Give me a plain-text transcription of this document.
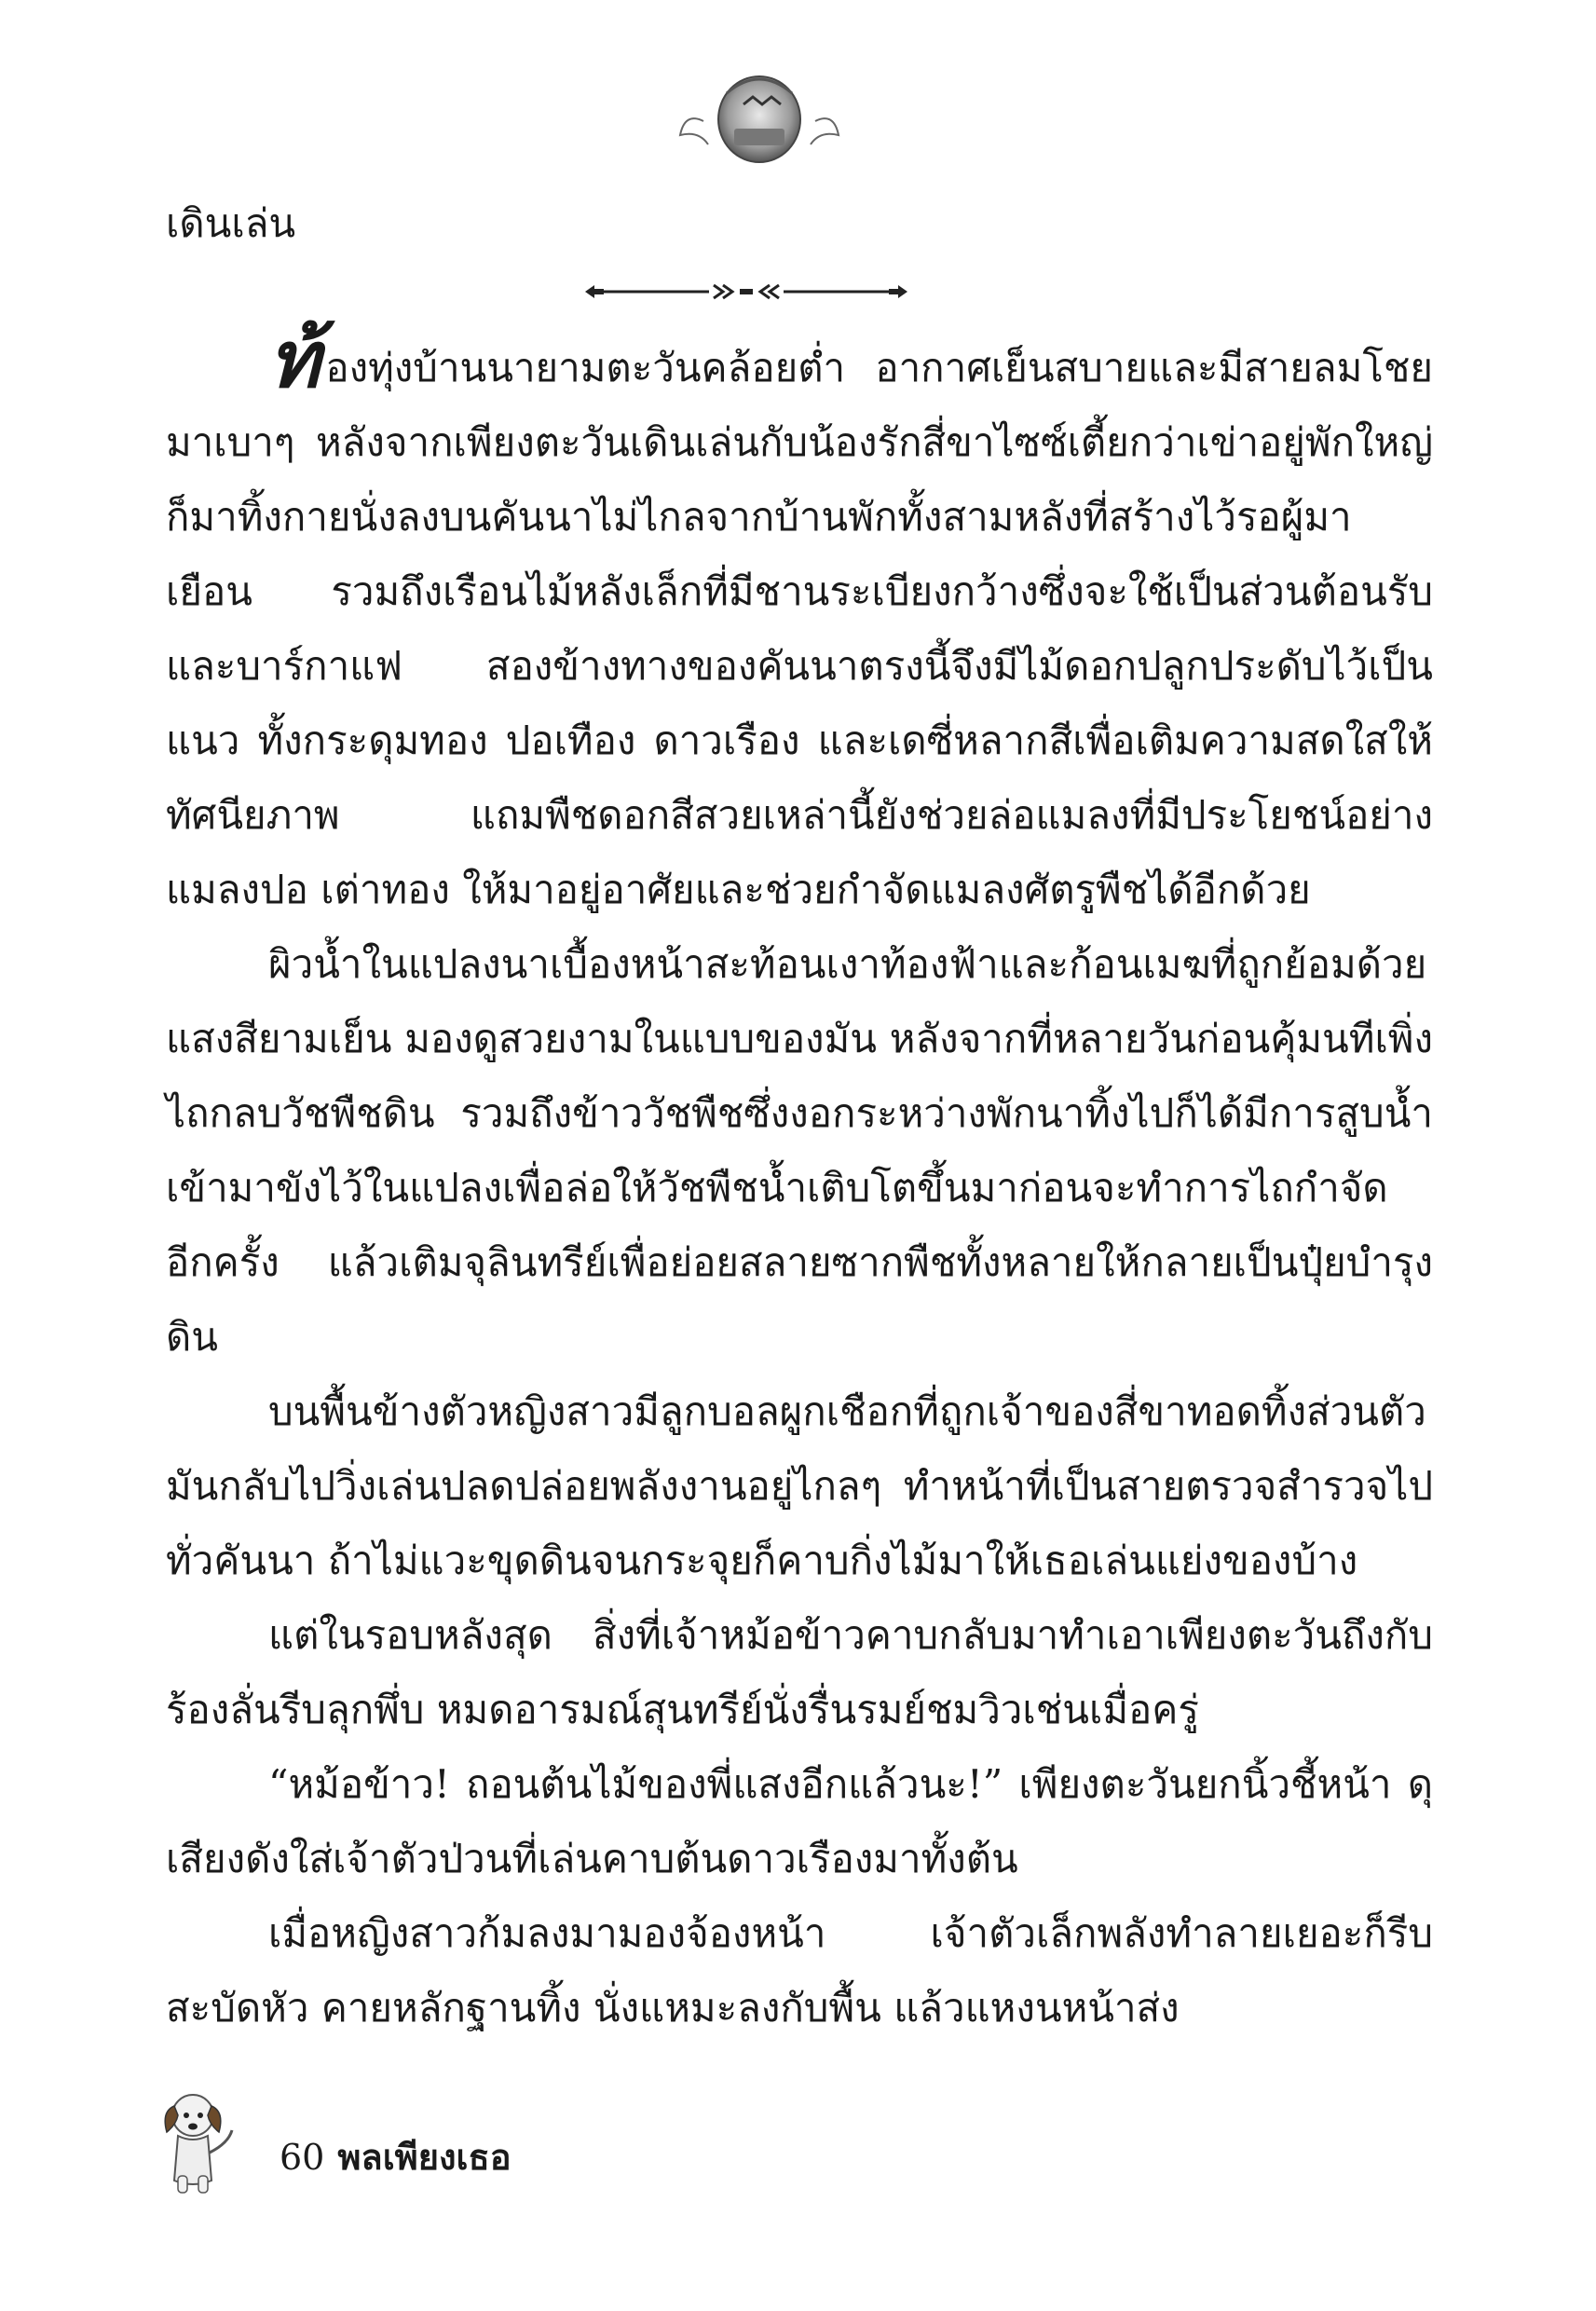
เดินเล่น

ท้องทุ่งบ้านนายามตะวันคล้อยต่ำ อากาศเย็นสบายและมีสายลมโชยมาเบาๆ หลังจากเพียงตะวันเดินเล่นกับน้องรักสี่ขาไซซ์เตี้ยกว่าเข่าอยู่พักใหญ่ ก็มาทิ้งกายนั่งลงบนคันนาไม่ไกลจากบ้านพักทั้งสามหลังที่สร้างไว้รอผู้มาเยือน รวมถึงเรือนไม้หลังเล็กที่มีชานระเบียงกว้างซึ่งจะใช้เป็นส่วนต้อนรับและบาร์กาแฟ สองข้างทางของคันนาตรงนี้จึงมีไม้ดอกปลูกประดับไว้เป็นแนว ทั้งกระดุมทอง ปอเทือง ดาวเรือง และเดซี่หลากสีเพื่อเติมความสดใสให้ทัศนียภาพ แถมพืชดอกสีสวยเหล่านี้ยังช่วยล่อแมลงที่มีประโยชน์อย่างแมลงปอ เต่าทอง ให้มาอยู่อาศัยและช่วยกำจัดแมลงศัตรูพืชได้อีกด้วย

ผิวน้ำในแปลงนาเบื้องหน้าสะท้อนเงาท้องฟ้าและก้อนเมฆที่ถูกย้อมด้วยแสงสียามเย็น มองดูสวยงามในแบบของมัน หลังจากที่หลายวันก่อนคุ้มนทีเพิ่งไถกลบวัชพืชดิน รวมถึงข้าววัชพืชซึ่งงอกระหว่างพักนาทิ้งไปก็ได้มีการสูบน้ำเข้ามาขังไว้ในแปลงเพื่อล่อให้วัชพืชน้ำเติบโตขึ้นมาก่อนจะทำการไถกำจัดอีกครั้ง แล้วเติมจุลินทรีย์เพื่อย่อยสลายซากพืชทั้งหลายให้กลายเป็นปุ๋ยบำรุงดิน

บนพื้นข้างตัวหญิงสาวมีลูกบอลผูกเชือกที่ถูกเจ้าของสี่ขาทอดทิ้งส่วนตัวมันกลับไปวิ่งเล่นปลดปล่อยพลังงานอยู่ไกลๆ ทำหน้าที่เป็นสายตรวจสำรวจไปทั่วคันนา ถ้าไม่แวะขุดดินจนกระจุยก็คาบกิ่งไม้มาให้เธอเล่นแย่งของบ้าง

แต่ในรอบหลังสุด สิ่งที่เจ้าหม้อข้าวคาบกลับมาทำเอาเพียงตะวันถึงกับร้องลั่นรีบลุกพึ่บ หมดอารมณ์สุนทรีย์นั่งรื่นรมย์ชมวิวเช่นเมื่อครู่

“หม้อข้าว! ถอนต้นไม้ของพี่แสงอีกแล้วนะ!” เพียงตะวันยกนิ้วชี้หน้า ดุเสียงดังใส่เจ้าตัวป่วนที่เล่นคาบต้นดาวเรืองมาทั้งต้น

เมื่อหญิงสาวก้มลงมามองจ้องหน้า เจ้าตัวเล็กพลังทำลายเยอะก็รีบสะบัดหัว คายหลักฐานทิ้ง นั่งแหมะลงกับพื้น แล้วแหงนหน้าส่ง

60 พลเพียงเธอ
